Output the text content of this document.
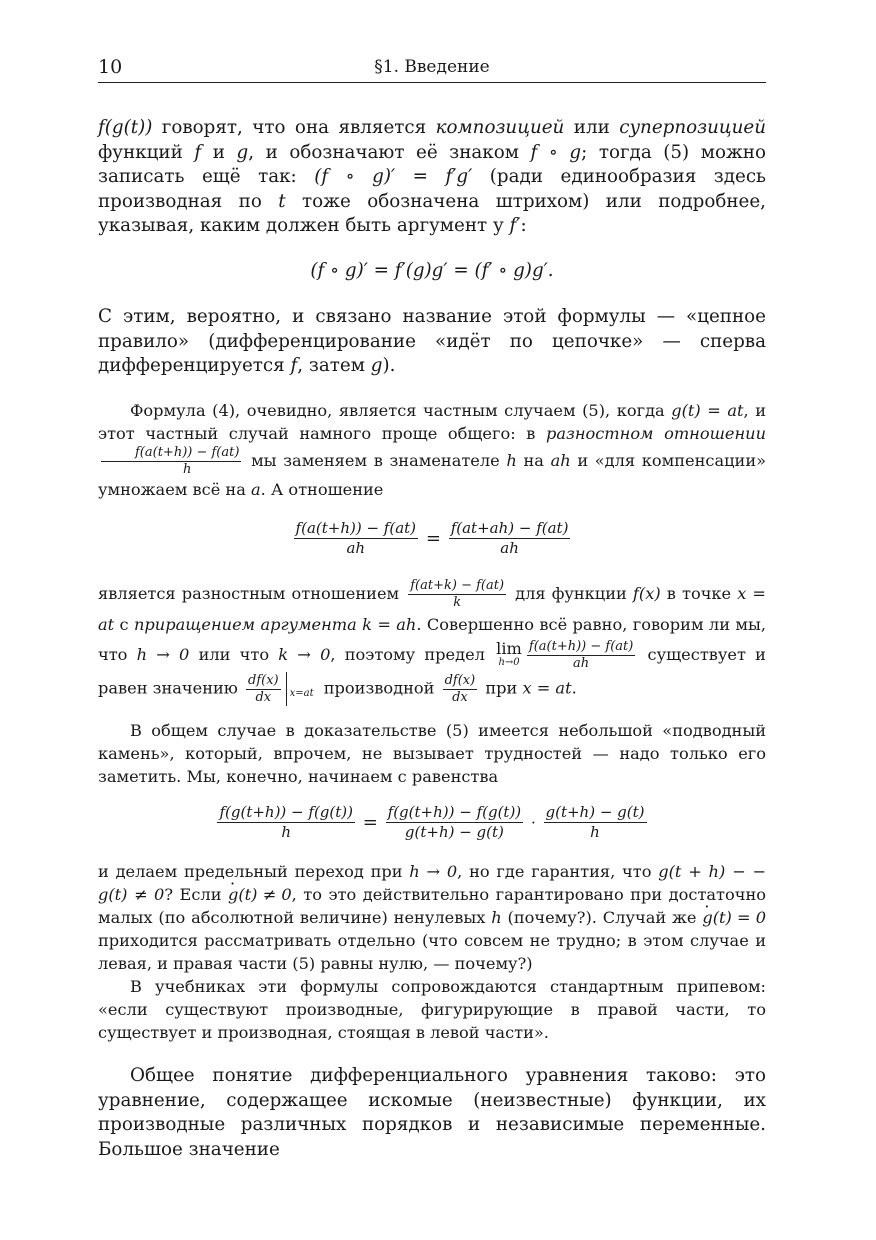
10	§1. Введение

f(g(t)) говорят, что она является композицией или суперпозицией функций f и g, и обозначают её знаком f ∘ g; тогда (5) можно записать ещё так: (f ∘ g)′ = f′g′ (ради единообразия здесь производная по t тоже обозначена штрихом) или подробнее, указывая, каким должен быть аргумент у f′:

(f ∘ g)′ = f′(g)g′ = (f′ ∘ g)g′.

С этим, вероятно, и связано название этой формулы — «цепное правило» (дифференцирование «идёт по цепочке» — сперва дифференцируется f, затем g).

Формула (4), очевидно, является частным случаем (5), когда g(t) = at, и этот частный случай намного проще общего: в разностном отношении
$\frac{f(a(t+h)) - f(at)}{h}$ мы заменяем в знаменателе h на ah и «для компенсации» умножаем всё на a. А отношение

$\frac{f(a(t+h)) - f(at)}{ah} = \frac{f(at+ah) - f(at)}{ah}$

является разностным отношением $\frac{f(at+k) - f(at)}{k}$ для функции f(x) в точке x = at с приращением аргумента k = ah. Совершенно всё равно, говорим ли мы, что h → 0 или что k → 0, поэтому предел lim
$h\to 0 \frac{f(a(t+h)) - f(at)}{ah}$ существует и равен значению $\frac{df(x)}{dx} x=at$ производной $\frac{df(x)}{dx}$ при x = at.

В общем случае в доказательстве (5) имеется небольшой «подводный камень», который, впрочем, не вызывает трудностей — надо только его заметить. Мы, конечно, начинаем с равенства

$\frac{f(g(t+h)) - f(g(t))}{h} = \frac{f(g(t+h)) - f(g(t))}{g(t+h) - g(t)} \cdot \frac{g(t+h) - g(t)}{h}$

и делаем предельный переход при h → 0, но где гарантия, что g(t + h) − − g(t) ≠ 0? Если · g(t) ≠ 0, то это действительно гарантировано при достаточно малых (по абсолютной величине) ненулевых h (почему?). Случай же · g(t) = 0 приходится рассматривать отдельно (что совсем не трудно; в этом случае и левая, и правая части (5) равны нулю, — почему?)

В учебниках эти формулы сопровождаются стандартным припевом: «если существуют производные, фигурирующие в правой части, то существует и производная, стоящая в левой части».

Общее понятие дифференциального уравнения таково: это уравнение, содержащее искомые (неизвестные) функции, их производные различных порядков и независимые переменные. Большое значение
